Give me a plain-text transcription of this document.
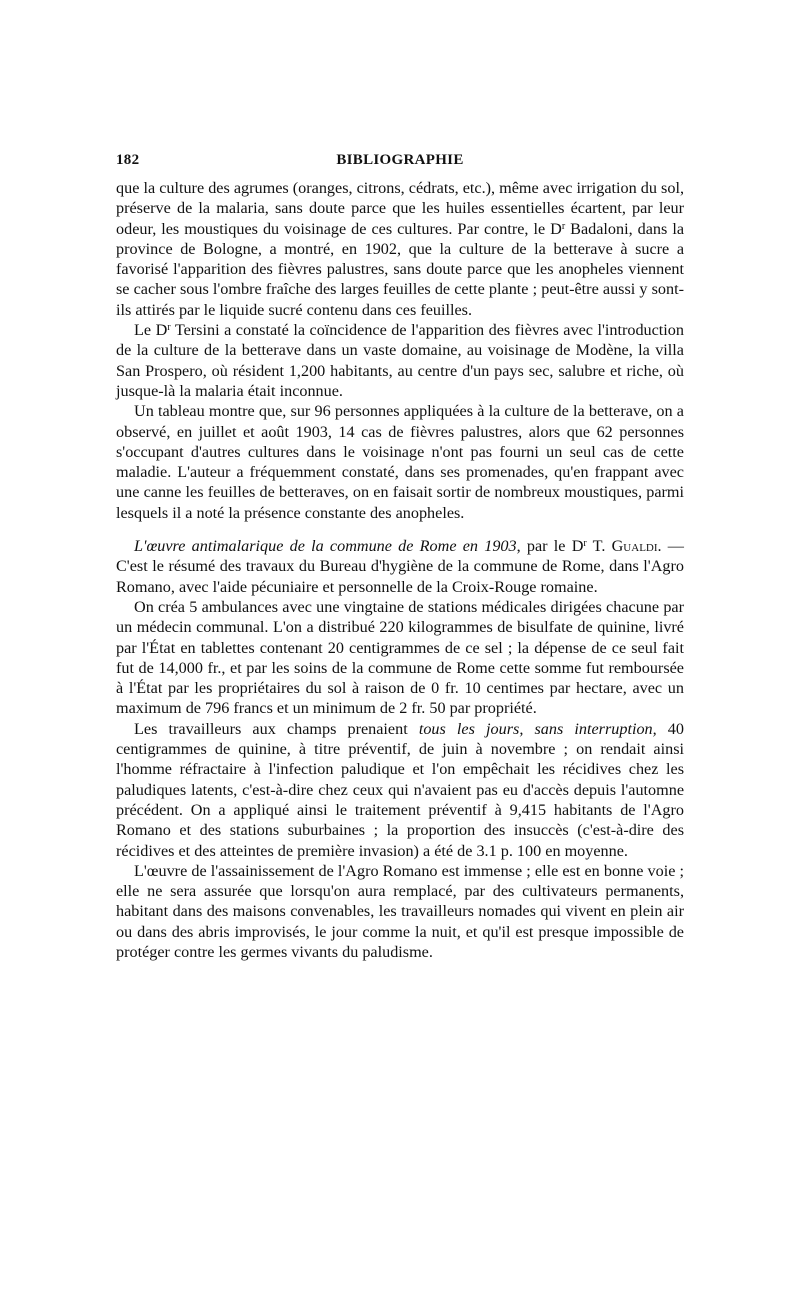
182	BIBLIOGRAPHIE

que la culture des agrumes (oranges, citrons, cédrats, etc.), même avec irrigation du sol, préserve de la malaria, sans doute parce que les huiles essentielles écartent, par leur odeur, les moustiques du voisinage de ces cultures. Par contre, le $D^r$ Badaloni, dans la province de Bologne, a montré, en 1902, que la culture de la betterave à sucre a favorisé l'apparition des fièvres palustres, sans doute parce que les anopheles viennent se cacher sous l'ombre fraîche des larges feuilles de cette plante ; peut-être aussi y sont-ils attirés par le liquide sucré contenu dans ces feuilles.

Le $D^r$ Tersini a constaté la coïncidence de l'apparition des fièvres avec l'introduction de la culture de la betterave dans un vaste domaine, au voisinage de Modène, la villa San Prospero, où résident 1,200 habitants, au centre d'un pays sec, salubre et riche, où jusque-là la malaria était inconnue.

Un tableau montre que, sur 96 personnes appliquées à la culture de la betterave, on a observé, en juillet et août 1903, 14 cas de fièvres palustres, alors que 62 personnes s'occupant d'autres cultures dans le voisinage n'ont pas fourni un seul cas de cette maladie. L'auteur a fréquemment constaté, dans ses promenades, qu'en frappant avec une canne les feuilles de betteraves, on en faisait sortir de nombreux moustiques, parmi lesquels il a noté la présence constante des anopheles.

L'œuvre antimalarique de la commune de Rome en 1903, par le $D^r$ T. Gualdi. — C'est le résumé des travaux du Bureau d'hygiène de la commune de Rome, dans l'Agro Romano, avec l'aide pécuniaire et personnelle de la Croix-Rouge romaine.

On créa 5 ambulances avec une vingtaine de stations médicales dirigées chacune par un médecin communal. L'on a distribué 220 kilogrammes de bisulfate de quinine, livré par l'État en tablettes contenant 20 centigrammes de ce sel ; la dépense de ce seul fait fut de 14,000 fr., et par les soins de la commune de Rome cette somme fut remboursée à l'État par les propriétaires du sol à raison de 0 fr. 10 centimes par hectare, avec un maximum de 796 francs et un minimum de 2 fr. 50 par propriété.

Les travailleurs aux champs prenaient tous les jours, sans interruption, 40 centigrammes de quinine, à titre préventif, de juin à novembre ; on rendait ainsi l'homme réfractaire à l'infection paludique et l'on empêchait les récidives chez les paludiques latents, c'est-à-dire chez ceux qui n'avaient pas eu d'accès depuis l'automne précédent. On a appliqué ainsi le traitement préventif à 9,415 habitants de l'Agro Romano et des stations suburbaines ; la proportion des insuccès (c'est-à-dire des récidives et des atteintes de première invasion) a été de 3.1 p. 100 en moyenne.

L'œuvre de l'assainissement de l'Agro Romano est immense ; elle est en bonne voie ; elle ne sera assurée que lorsqu'on aura remplacé, par des cultivateurs permanents, habitant dans des maisons convenables, les travailleurs nomades qui vivent en plein air ou dans des abris improvisés, le jour comme la nuit, et qu'il est presque impossible de protéger contre les germes vivants du paludisme.
